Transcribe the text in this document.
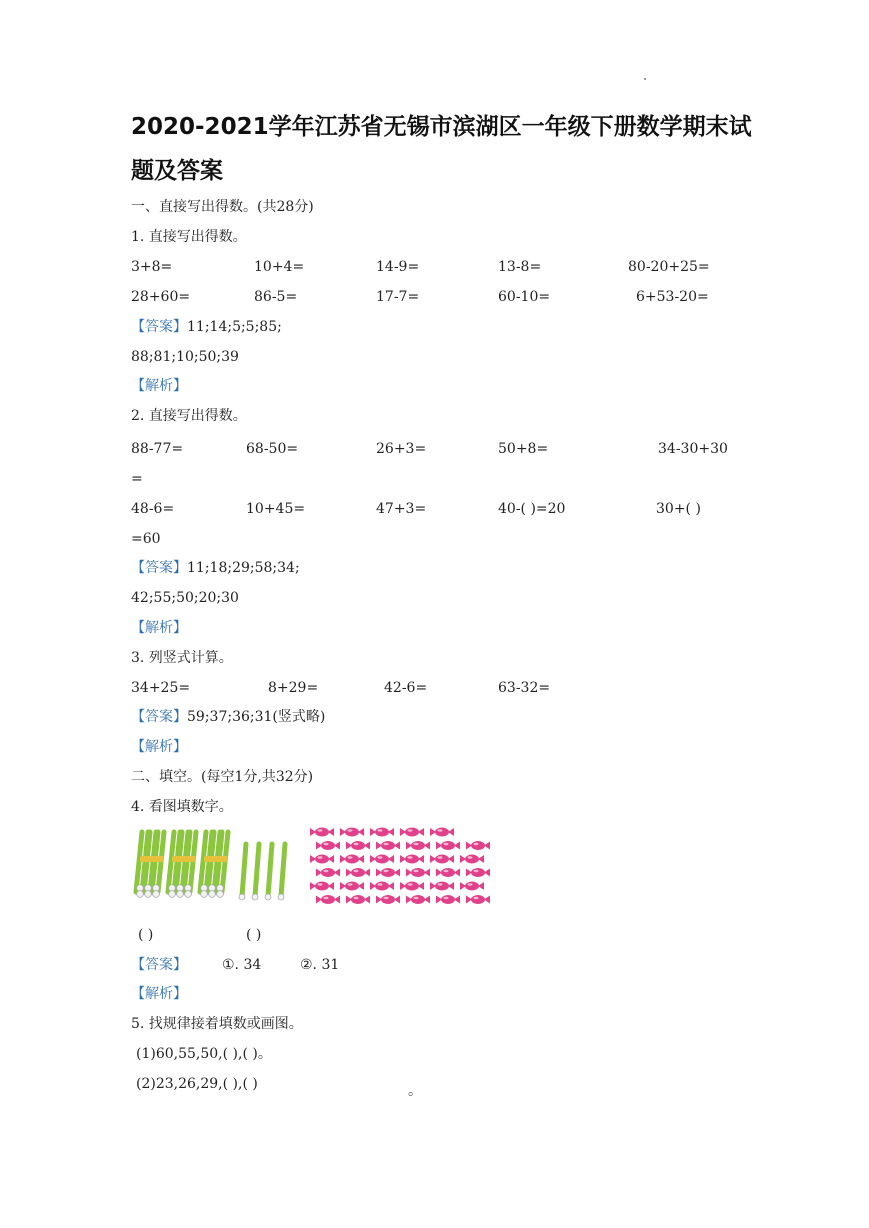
2020-2021学年江苏省无锡市滨湖区一年级下册数学期末试
题及答案
一、直接写出得数。(共28分)
1. 直接写出得数。
3+8=	10+4=	14-9=	13-8=	80-20+25=
28+60=	86-5=	17-7=	60-10=	6+53-20=
【答案】11;14;5;5;85;
88;81;10;50;39
【解析】
2. 直接写出得数。
88-77=	68-50=	26+3=	50+8=	34-30+30
=
48-6=	10+45=	47+3=	40-( )=20	30+( )
=60
【答案】11;18;29;58;34;
42;55;50;20;30
【解析】
3. 列竖式计算。
34+25=	8+29=	42-6=	63-32=
【答案】59;37;36;31(竖式略)
【解析】
二、填空。(每空1分,共32分)
4. 看图填数字。
( )	( )
【答案】	①. 34	②. 31
【解析】
5. 找规律接着填数或画图。
(1)60,55,50,( ),( )。
(2)23,26,29,( ),( )	。
